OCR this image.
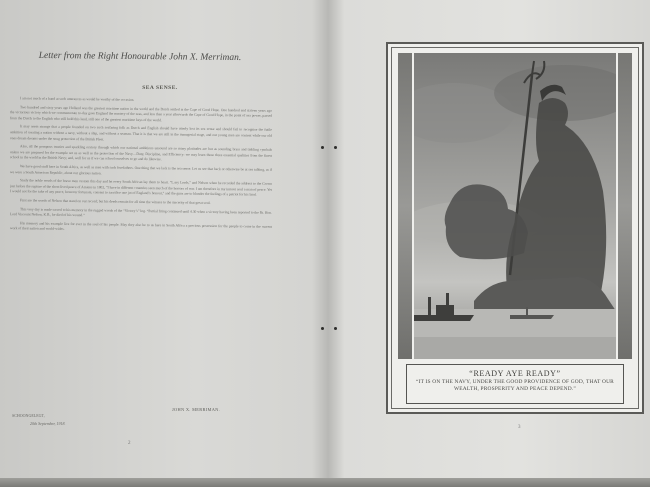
Letter from the Right Honourable John X. Merriman.
SEA SENSE.

I am not much of a hand at such utterances as would be worthy of the occasion.

Two hundred and sixty years ago Holland was the greatest maritime nation in the world and the Dutch settled at the Cape of Good Hope. One hundred and sixteen years ago the victorious victory which we commemorate to-day gave England the mastery of the seas, and less than a year afterwards the Cape of Good Hope, in the point of sea power, passed from the Dutch to the English who still hold this land, still one of the greatest maritime keys of the world.

It may seem strange that a people founded on two such seafaring folk as Dutch and English should have utterly lost its sea sense and should fail to recognise the futile ambition of creating a nation without a navy, without a ship, and without a seaman. That it is that we are still in the managerial stage, and our young men are content while our old ones dream dreams under the snug protection of the British Fleet.

Also, all the pompous treaties and sparkling oratory through which our national ambitions unsound are so many platitudes are but as sounding brass and tinkling cymbals unless we are prepared for the example set us as well as the protection of the Navy—Duty, Discipline, and Efficiency: we may learn these three essential qualities from the finest school in the world in the British Navy; and, well for us if we can school ourselves to go and do likewise.

We have good stuff here in South Africa, as well as men with such forefathers. One thing that we lack is the sea sense. Let us see that back or otherwise be at sea talking, as if we were a South American Republic, about our glorious nation.

Study the noble words of the brave men custom this day and let every South African lay them to heart. “I, my Lords,” and Nelson when he recorded the address to the Crown just before the rupture of the short-lived peace of Amiens in 1802, “I have in different countries seen much of the horrors of war. I am therefore in my inmost soul a man of peace. Yet I would not for the sake of any peace, however fortunate, consent to sacrifice one jot of England’s honour,” and the guns are to blunder the feelings of a patriot for his land.

First are the words of Nelson that stand on our record; but his deeds remain for all time the witness to the sincerity of that great soul.

This very day is made sacred to his memory in the rugged words of the “Victory’s” log. “Partial firing continued until 4.30 when a victory having been reported to the Rt. Hon. Lord Viscount Nelson, K.B., he died of his wound.”

His memory and his example live for ever in the soul of his people. May they also be to us here in South Africa a precious possession for the people to come in the current work of their nation and world-wides.

JOHN X. MERRIMAN.
SCHOONGELEGT,
20th September, 1918.
2
“READY AYE READY”
“IT IS ON THE NAVY, UNDER THE GOOD PROVIDENCE OF GOD, THAT OUR WEALTH, PROSPERITY AND PEACE DEPEND.”
3
